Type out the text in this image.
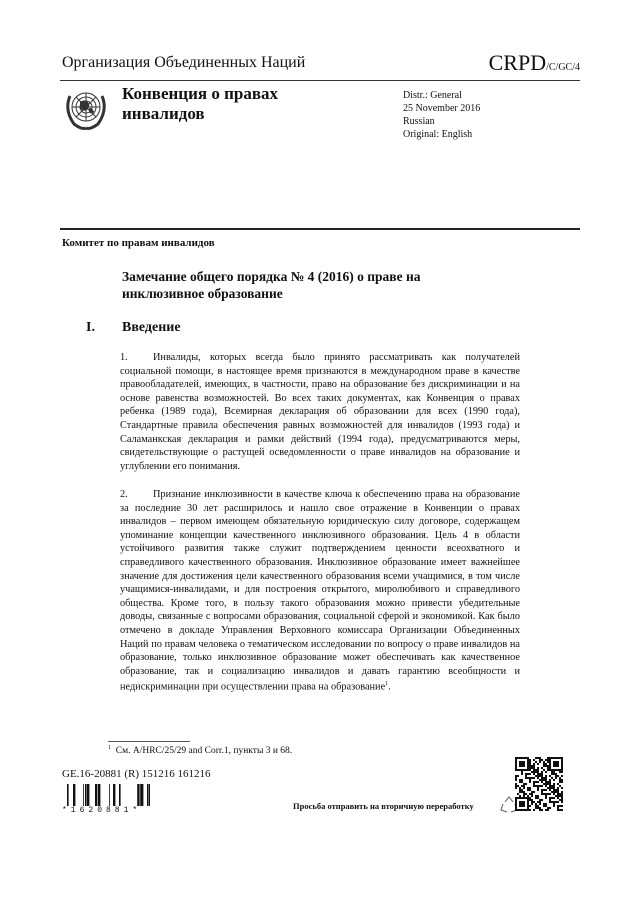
Организация Объединенных Наций	CRPD/C/GC/4
Конвенция о правах инвалидов
Distr.: General
25 November 2016
Russian
Original: English
Комитет по правам инвалидов
Замечание общего порядка № 4 (2016) о праве на инклюзивное образование
I. Введение
1. Инвалиды, которых всегда было принято рассматривать как получателей социальной помощи, в настоящее время признаются в международном праве в качестве правообладателей, имеющих, в частности, право на образование без дискриминации и на основе равенства возможностей. Во всех таких документах, как Конвенция о правах ребенка (1989 года), Всемирная декларация об образовании для всех (1990 года), Стандартные правила обеспечения равных возможностей для инвалидов (1993 года) и Саламанкская декларация и рамки действий (1994 года), предусматриваются меры, свидетельствующие о растущей осведомленности о праве инвалидов на образование и углублении его понимания.
2. Признание инклюзивности в качестве ключа к обеспечению права на образование за последние 30 лет расширилось и нашло свое отражение в Конвенции о правах инвалидов – первом имеющем обязательную юридическую силу договоре, содержащем упоминание концепции качественного инклюзивного образования. Цель 4 в области устойчивого развития также служит подтверждением ценности всеохватного и справедливого качественного образования. Инклюзивное образование имеет важнейшее значение для достижения цели качественного образования всеми учащимися, в том числе учащимися-инвалидами, и для построения открытого, миролюбивого и справедливого общества. Кроме того, в пользу такого образования можно привести убедительные доводы, связанные с вопросами образования, социальной сферой и экономикой. Как было отмечено в докладе Управления Верховного комиссара Организации Объединенных Наций по правам человека о тематическом исследовании по вопросу о праве инвалидов на образование, только инклюзивное образование может обеспечивать как качественное образование, так и социализацию инвалидов и давать гарантию всеобщности и недискриминации при осуществлении права на образование$^1$.
$^1$ См. A/HRC/25/29 and Corr.1, пункты 3 и 68.
GE.16-20881 (R) 151216 161216
*1620881*	Просьба отправить на вторичную переработку
